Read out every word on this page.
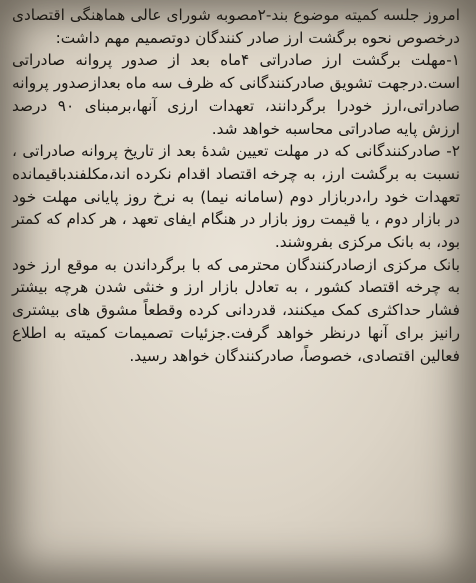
امروز جلسه کمیته موضوع بند-۲مصوبه شورای عالی هماهنگی اقتصادی درخصوص نحوه برگشت ارز صادر کنندگان دوتصمیم مهم داشت:

۱-مهلت برگشت ارز صادراتی ۴ماه بعد از صدور پروانه صادراتی است.درجهت تشویق صادرکنندگانی که ظرف سه ماه بعدازصدور پروانه صادراتی،ارز خودرا برگردانند، تعهدات ارزی آنها،برمبنای ۹۰ درصد ارزش پایه صادراتی محاسبه خواهد شد.

۲- صادرکنندگانی که در مهلت تعیین شدهٔ بعد از تاریخ پروانه صادراتی ، نسبت به برگشت ارز، به چرخه اقتصاد اقدام نکرده اند،مکلفندباقیمانده تعهدات خود را،دربازار دوم (سامانه نیما) به نرخ روز پایانی مهلت خود در بازار دوم ، یا قیمت روز بازار در هنگام ایفای تعهد ، هر کدام که کمتر بود، به بانک مرکزی بفروشند.

بانک مرکزی ازصادرکنندگان محترمی که با برگرداندن به موقع ارز خود به چرخه اقتصاد کشور ، به تعادل بازار ارز و خنثی شدن هرچه بیشتر فشار حداکثری کمک میکنند، قدردانی کرده وقطعاً مشوق های بیشتری رانیز برای آنها درنظر خواهد گرفت.جزئیات تصمیمات کمیته به اطلاع فعالین اقتصادی، خصوصاً، صادرکنندگان خواهد رسید.
